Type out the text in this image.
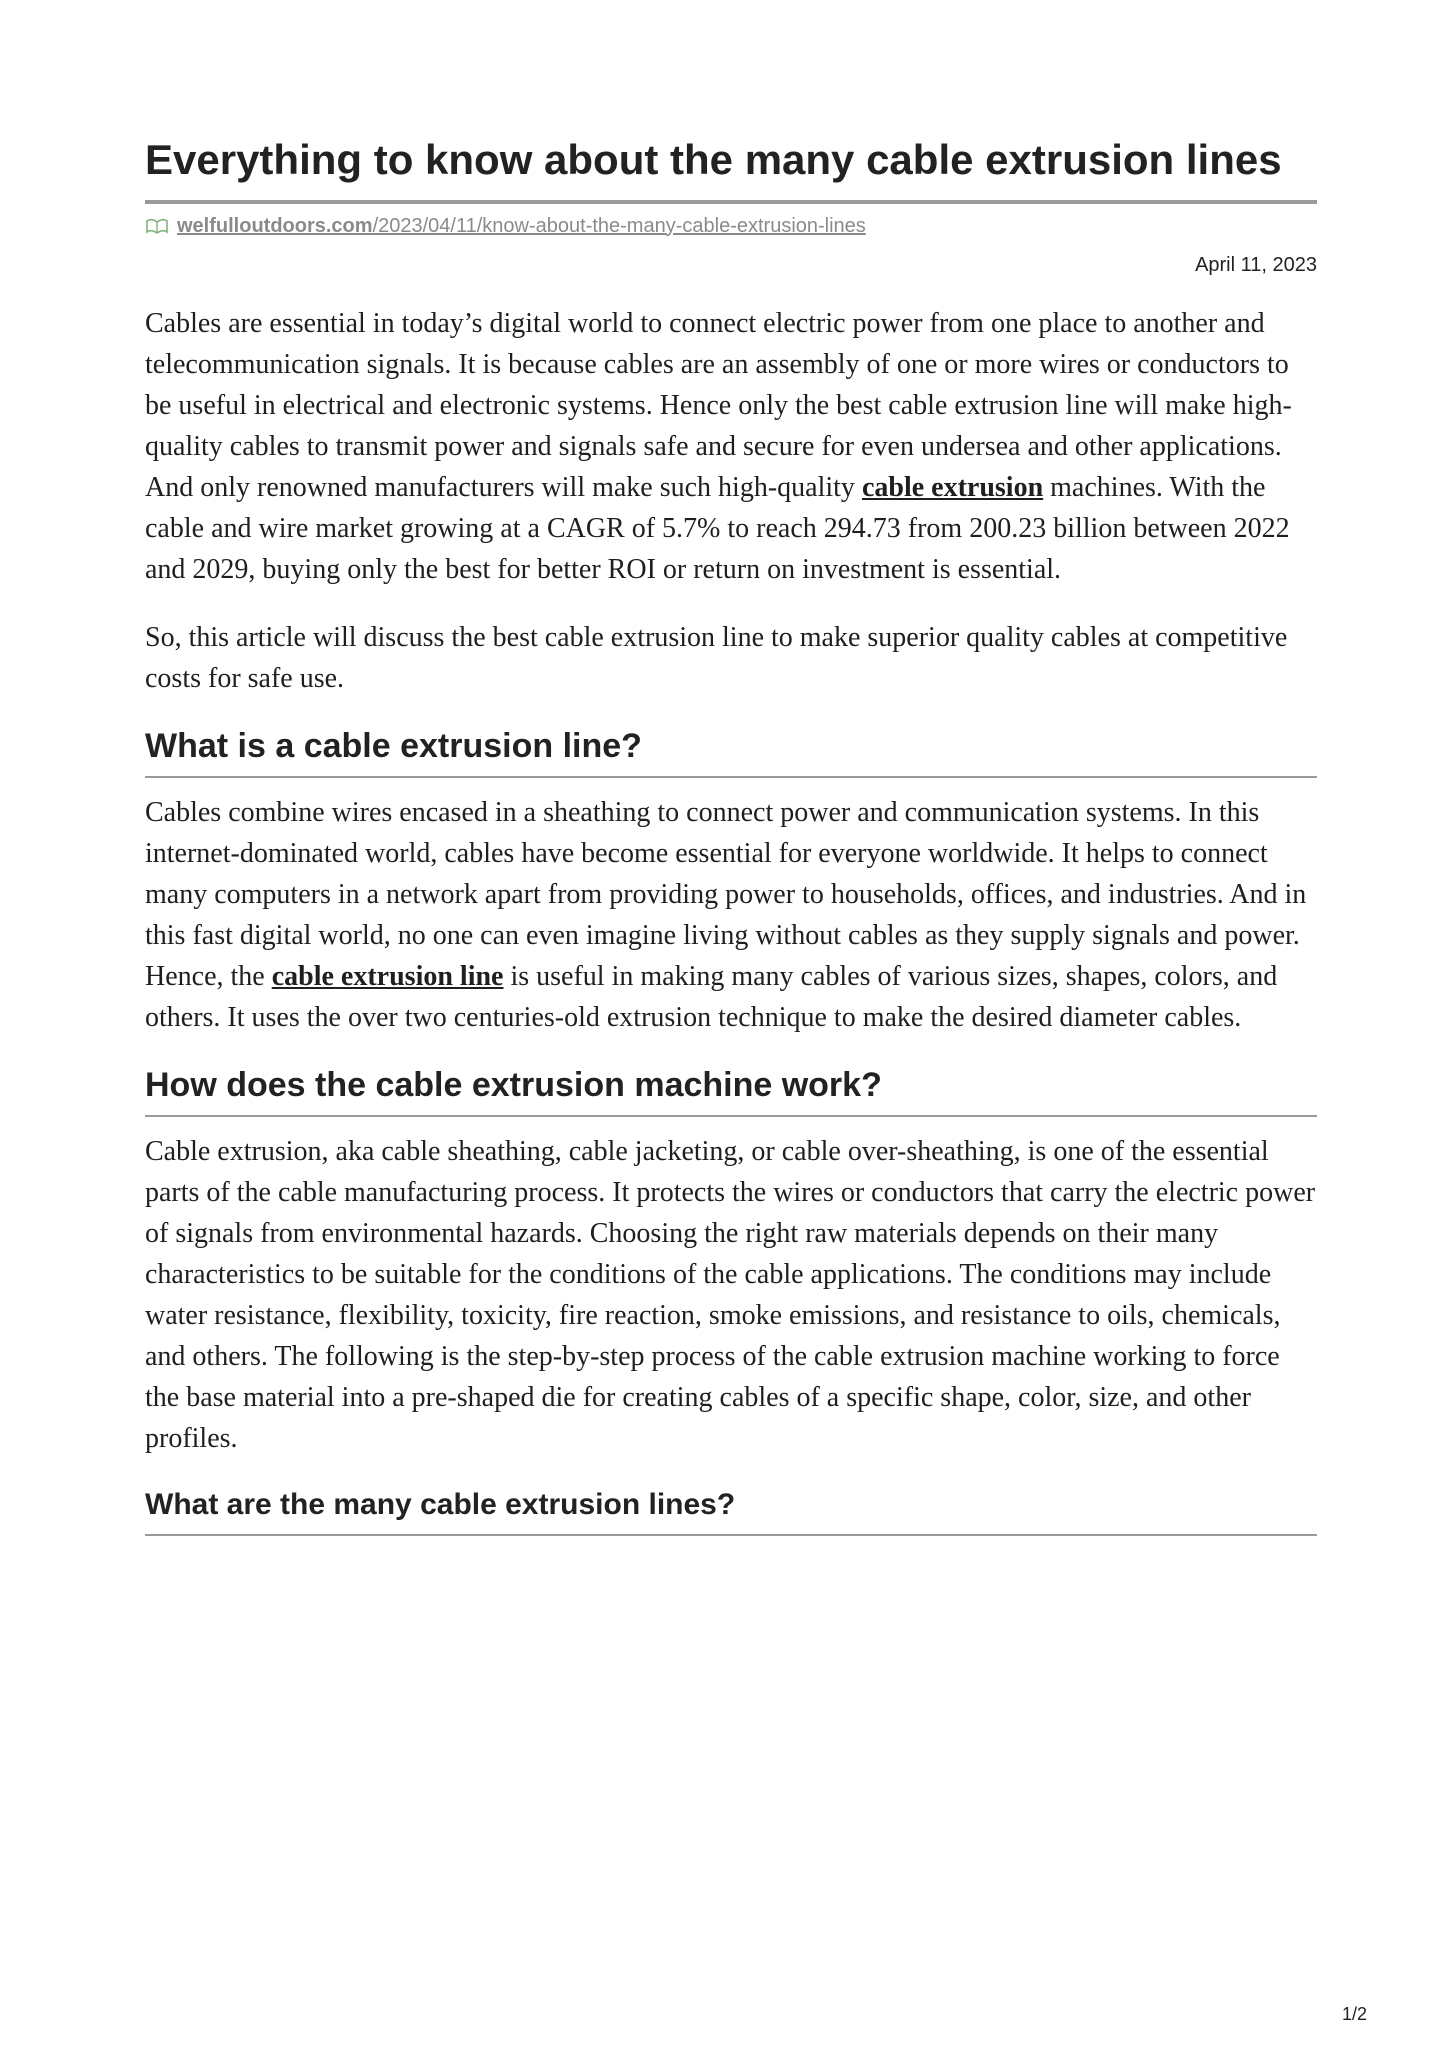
Everything to know about the many cable extrusion lines
welfulloutdoors.com/2023/04/11/know-about-the-many-cable-extrusion-lines
April 11, 2023

Cables are essential in today’s digital world to connect electric power from one place to another and telecommunication signals. It is because cables are an assembly of one or more wires or conductors to be useful in electrical and electronic systems. Hence only the best cable extrusion line will make high-quality cables to transmit power and signals safe and secure for even undersea and other applications. And only renowned manufacturers will make such high-quality cable extrusion machines. With the cable and wire market growing at a CAGR of 5.7% to reach 294.73 from 200.23 billion between 2022 and 2029, buying only the best for better ROI or return on investment is essential.

So, this article will discuss the best cable extrusion line to make superior quality cables at competitive costs for safe use.

What is a cable extrusion line?

Cables combine wires encased in a sheathing to connect power and communication systems. In this internet-dominated world, cables have become essential for everyone worldwide. It helps to connect many computers in a network apart from providing power to households, offices, and industries. And in this fast digital world, no one can even imagine living without cables as they supply signals and power. Hence, the cable extrusion line is useful in making many cables of various sizes, shapes, colors, and others. It uses the over two centuries-old extrusion technique to make the desired diameter cables.

How does the cable extrusion machine work?

Cable extrusion, aka cable sheathing, cable jacketing, or cable over-sheathing, is one of the essential parts of the cable manufacturing process. It protects the wires or conductors that carry the electric power of signals from environmental hazards. Choosing the right raw materials depends on their many characteristics to be suitable for the conditions of the cable applications. The conditions may include water resistance, flexibility, toxicity, fire reaction, smoke emissions, and resistance to oils, chemicals, and others. The following is the step-by-step process of the cable extrusion machine working to force the base material into a pre-shaped die for creating cables of a specific shape, color, size, and other profiles.

What are the many cable extrusion lines?
1/2
